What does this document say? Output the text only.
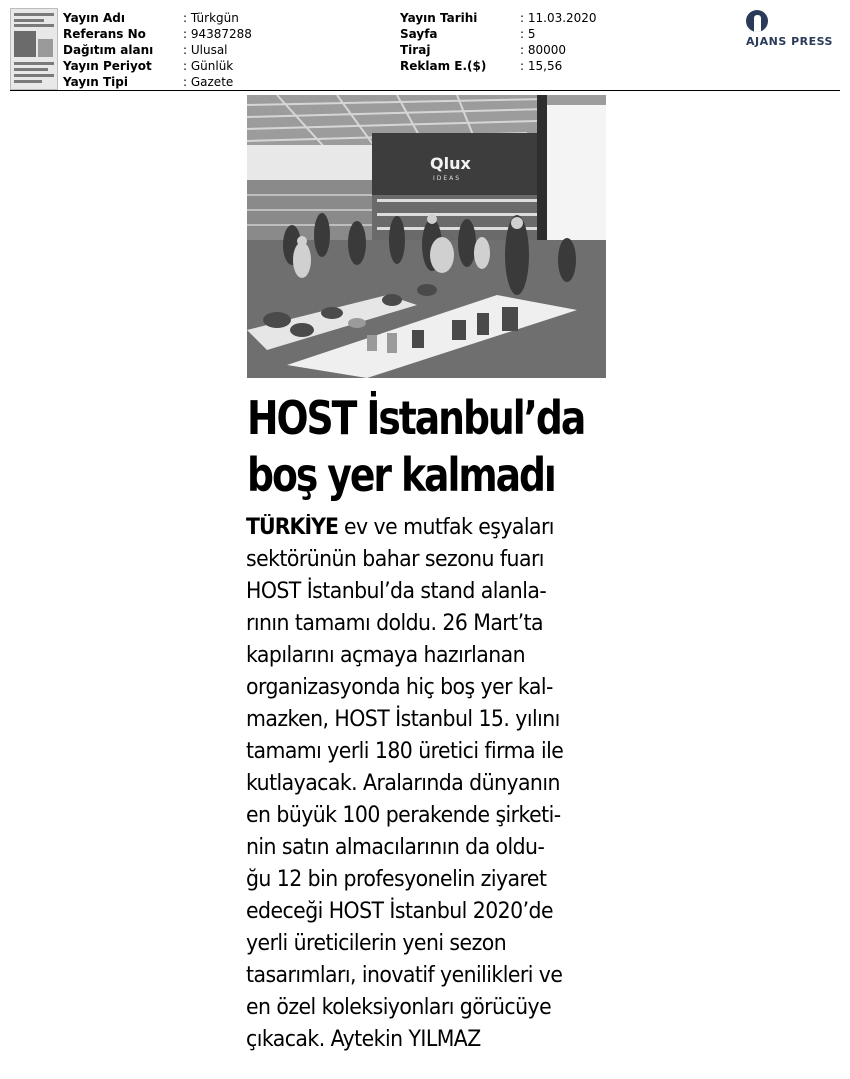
Yayın Adı	: Türkgün
Referans No	: 94387288
Dağıtım alanı : Ulusal
Yayın Periyot	: Günlük
Yayın Tipi	: Gazete
Yayın Tarihi	: 11.03.2020
Sayfa	: 5
Tiraj	: 80000
Reklam E.($)	: 15,56
AJANS PRESS
Qlux
IDEAS
HOST İstanbul’da
boş yer kalmadı
TÜRKİYE ev ve mutfak eşyaları
sektörünün bahar sezonu fuarı
HOST İstanbul’da stand alanla-
rının tamamı doldu. 26 Mart’ta
kapılarını açmaya hazırlanan
organizasyonda hiç boş yer kal-
mazken, HOST İstanbul 15. yılını
tamamı yerli 180 üretici firma ile
kutlayacak. Aralarında dünyanın
en büyük 100 perakende şirketi-
nin satın almacılarının da oldu-
ğu 12 bin profesyonelin ziyaret
edeceği HOST İstanbul 2020’de
yerli üreticilerin yeni sezon
tasarımları, inovatif yenilikleri ve
en özel koleksiyonları görücüye
çıkacak. Aytekin YILMAZ
